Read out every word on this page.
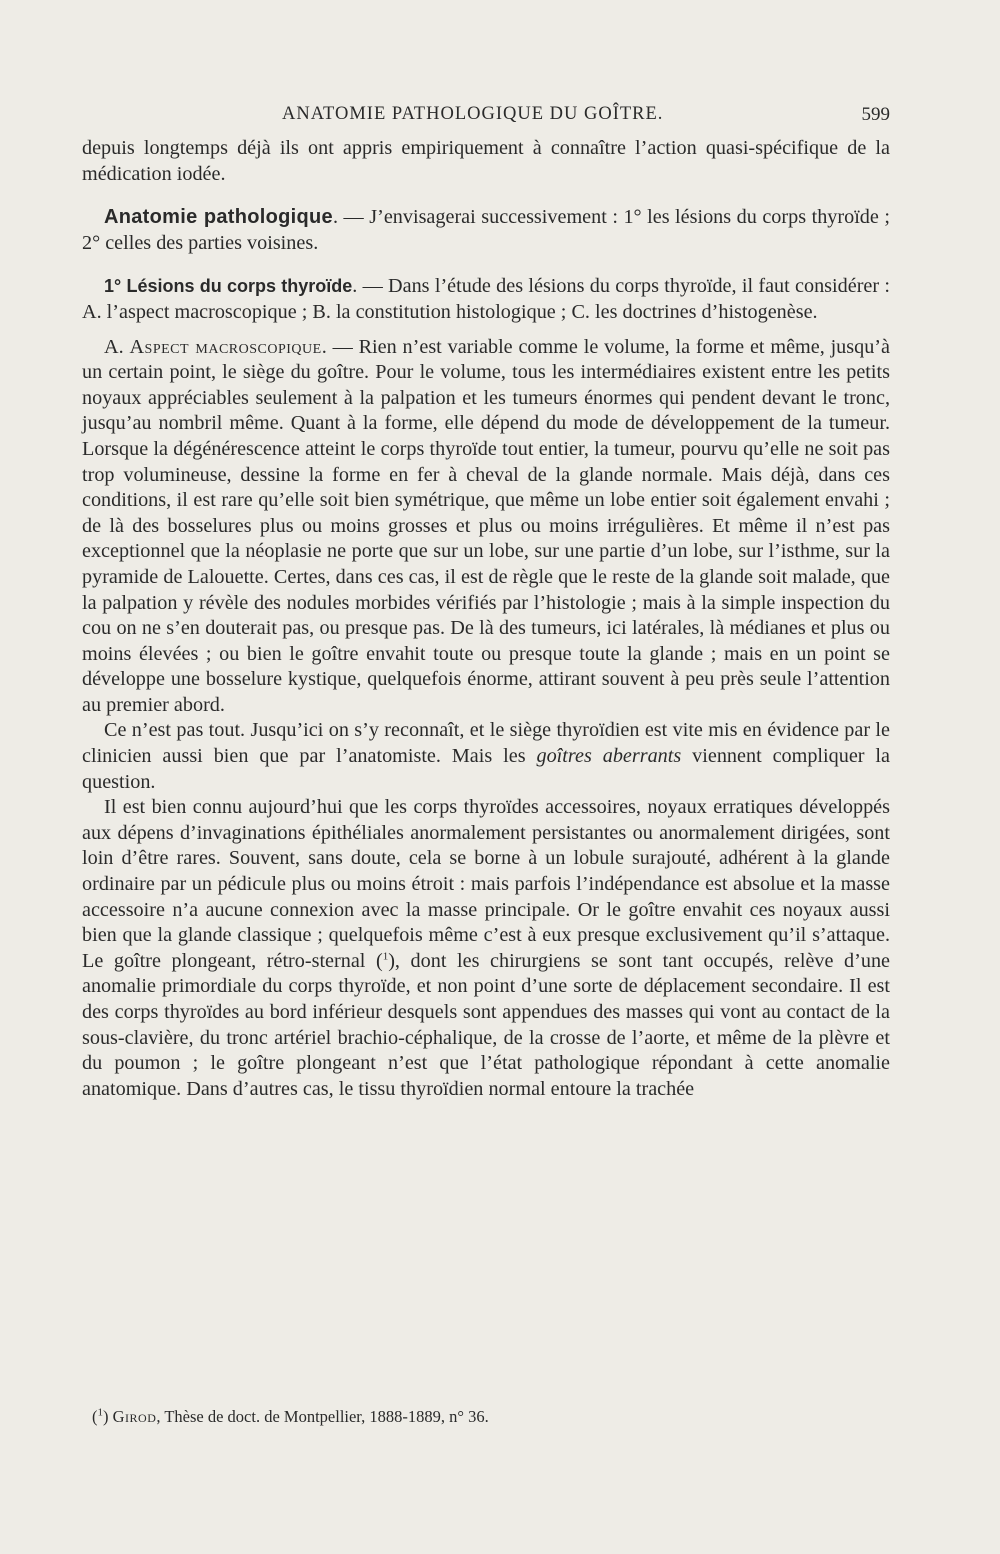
ANATOMIE PATHOLOGIQUE DU GOÎTRE.	599

depuis longtemps déjà ils ont appris empiriquement à connaître l’action quasi-spécifique de la médication iodée.

Anatomie pathologique. — J’envisagerai successivement : 1° les lésions du corps thyroïde ; 2° celles des parties voisines.

1° Lésions du corps thyroïde. — Dans l’étude des lésions du corps thyroïde, il faut considérer : A. l’aspect macroscopique ; B. la constitution histologique ; C. les doctrines d’histogenèse.

A. Aspect macroscopique. — Rien n’est variable comme le volume, la forme et même, jusqu’à un certain point, le siège du goître. Pour le volume, tous les intermédiaires existent entre les petits noyaux appréciables seulement à la palpation et les tumeurs énormes qui pendent devant le tronc, jusqu’au nombril même. Quant à la forme, elle dépend du mode de développement de la tumeur. Lorsque la dégénérescence atteint le corps thyroïde tout entier, la tumeur, pourvu qu’elle ne soit pas trop volumineuse, dessine la forme en fer à cheval de la glande normale. Mais déjà, dans ces conditions, il est rare qu’elle soit bien symétrique, que même un lobe entier soit également envahi ; de là des bosselures plus ou moins grosses et plus ou moins irrégulières. Et même il n’est pas exceptionnel que la néoplasie ne porte que sur un lobe, sur une partie d’un lobe, sur l’isthme, sur la pyramide de Lalouette. Certes, dans ces cas, il est de règle que le reste de la glande soit malade, que la palpation y révèle des nodules morbides vérifiés par l’histologie ; mais à la simple inspection du cou on ne s’en douterait pas, ou presque pas. De là des tumeurs, ici latérales, là médianes et plus ou moins élevées ; ou bien le goître envahit toute ou presque toute la glande ; mais en un point se développe une bosselure kystique, quelquefois énorme, attirant souvent à peu près seule l’attention au premier abord.

Ce n’est pas tout. Jusqu’ici on s’y reconnaît, et le siège thyroïdien est vite mis en évidence par le clinicien aussi bien que par l’anatomiste. Mais les goîtres aberrants viennent compliquer la question.

Il est bien connu aujourd’hui que les corps thyroïdes accessoires, noyaux erratiques développés aux dépens d’invaginations épithéliales anormalement persistantes ou anormalement dirigées, sont loin d’être rares. Souvent, sans doute, cela se borne à un lobule surajouté, adhérent à la glande ordinaire par un pédicule plus ou moins étroit : mais parfois l’indépendance est absolue et la masse accessoire n’a aucune connexion avec la masse principale. Or le goître envahit ces noyaux aussi bien que la glande classique ; quelquefois même c’est à eux presque exclusivement qu’il s’attaque. Le goître plongeant, rétro-sternal ($^1$), dont les chirurgiens se sont tant occupés, relève d’une anomalie primordiale du corps thyroïde, et non point d’une sorte de déplacement secondaire. Il est des corps thyroïdes au bord inférieur desquels sont appendues des masses qui vont au contact de la sous-clavière, du tronc artériel brachio-céphalique, de la crosse de l’aorte, et même de la plèvre et du poumon ; le goître plongeant n’est que l’état pathologique répondant à cette anomalie anatomique. Dans d’autres cas, le tissu thyroïdien normal entoure la trachée

($^1$) Girod, Thèse de doct. de Montpellier, 1888-1889, n° 36.
